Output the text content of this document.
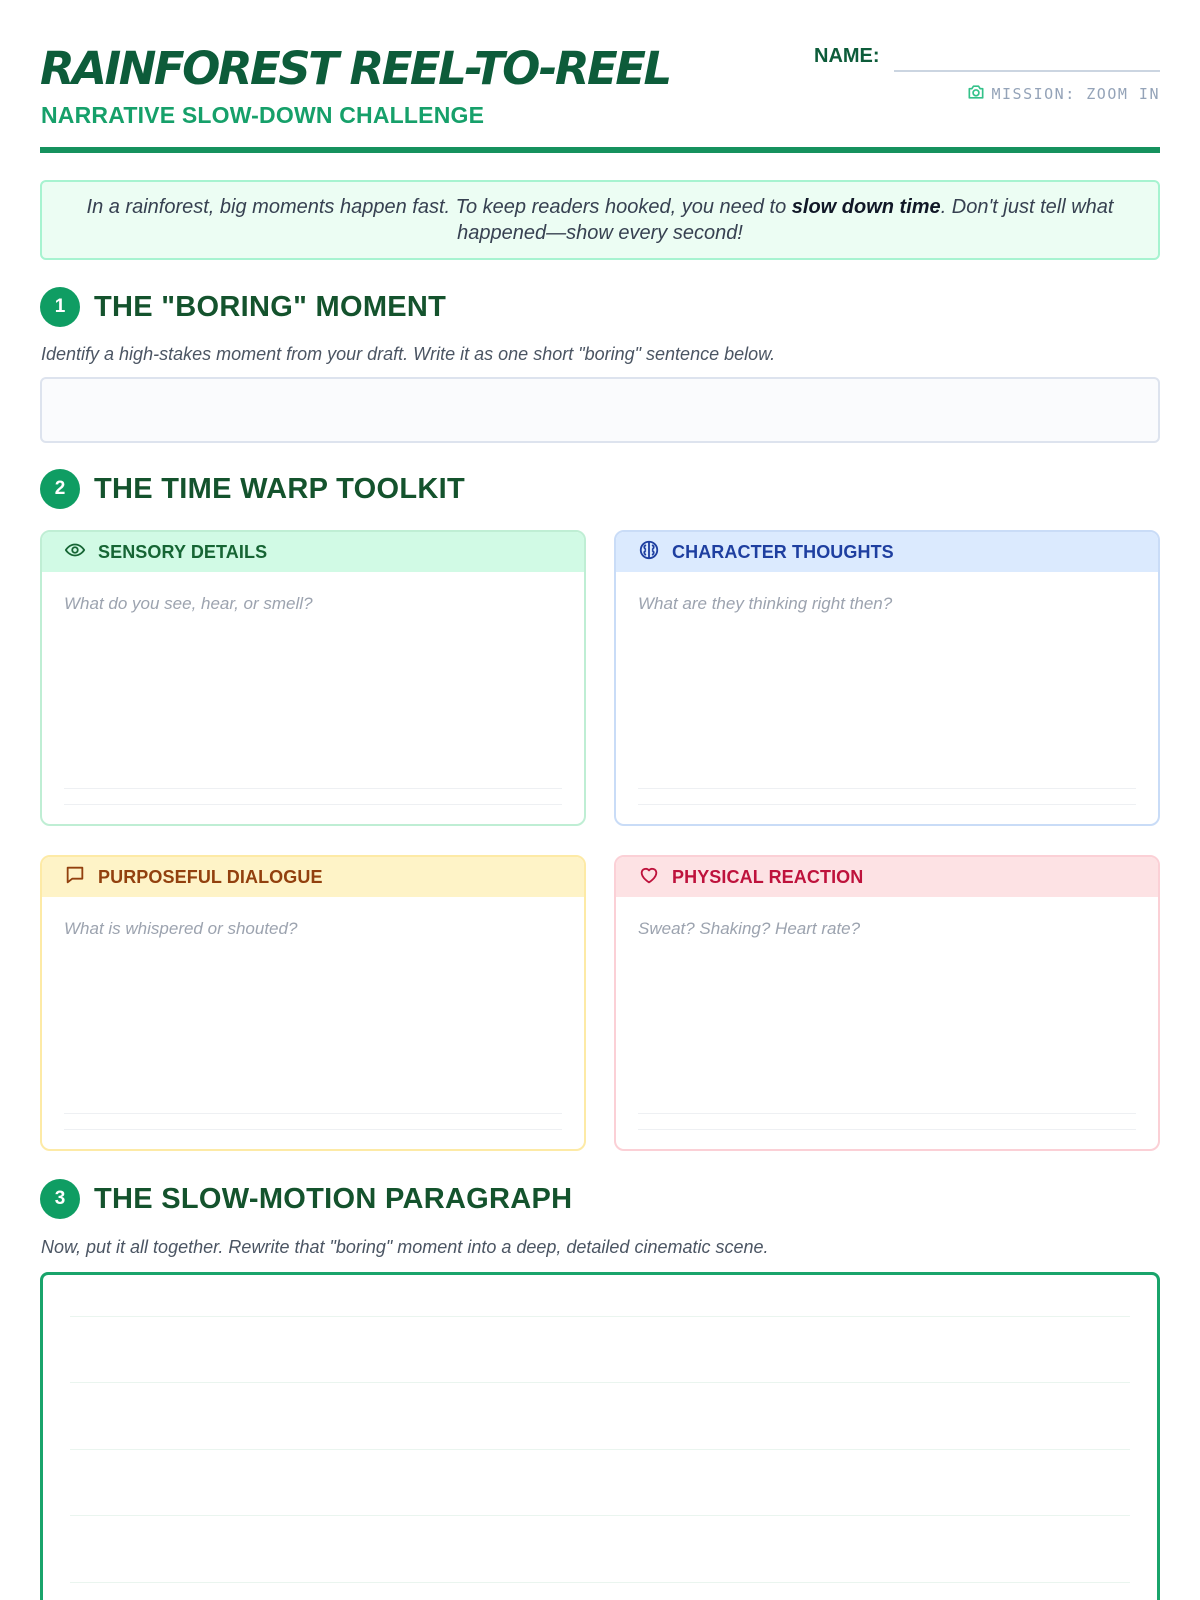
RAINFOREST REEL-TO-REEL
NARRATIVE SLOW-DOWN CHALLENGE
NAME:
MISSION: ZOOM IN

In a rainforest, big moments happen fast. To keep readers hooked, you need to slow down time. Don't just tell what happened—show every second!

1 THE "BORING" MOMENT
Identify a high-stakes moment from your draft. Write it as one short "boring" sentence below.
2 THE TIME WARP TOOLKIT
SENSORY DETAILS
What do you see, hear, or smell?
CHARACTER THOUGHTS
What are they thinking right then?
PURPOSEFUL DIALOGUE
What is whispered or shouted?
PHYSICAL REACTION
Sweat? Shaking? Heart rate?
3 THE SLOW-MOTION PARAGRAPH
Now, put it all together. Rewrite that "boring" moment into a deep, detailed cinematic scene.
